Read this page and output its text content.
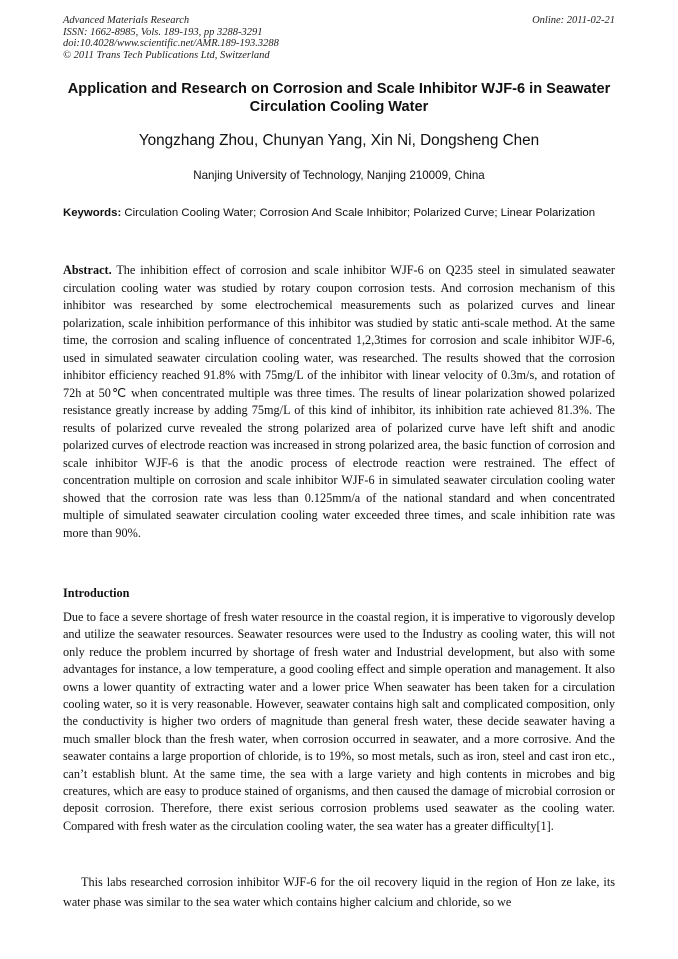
Advanced Materials Research
ISSN: 1662-8985, Vols. 189-193, pp 3288-3291
doi:10.4028/www.scientific.net/AMR.189-193.3288
© 2011 Trans Tech Publications Ltd, Switzerland
Online: 2011-02-21
Application and Research on Corrosion and Scale Inhibitor WJF-6 in Seawater Circulation Cooling Water
Yongzhang Zhou, Chunyan Yang, Xin Ni, Dongsheng Chen
Nanjing University of Technology, Nanjing 210009, China
Keywords: Circulation Cooling Water; Corrosion And Scale Inhibitor; Polarized Curve; Linear Polarization
Abstract. The inhibition effect of corrosion and scale inhibitor WJF-6 on Q235 steel in simulated seawater circulation cooling water was studied by rotary coupon corrosion tests. And corrosion mechanism of this inhibitor was researched by some electrochemical measurements such as polarized curves and linear polarization, scale inhibition performance of this inhibitor was studied by static anti-scale method. At the same time, the corrosion and scaling influence of concentrated 1,2,3times for corrosion and scale inhibitor WJF-6, used in simulated seawater circulation cooling water, was researched. The results showed that the corrosion inhibitor efficiency reached 91.8% with 75mg/L of the inhibitor with linear velocity of 0.3m/s, and rotation of 72h at 50℃ when concentrated multiple was three times. The results of linear polarization showed polarized resistance greatly increase by adding 75mg/L of this kind of inhibitor, its inhibition rate achieved 81.3%. The results of polarized curve revealed the strong polarized area of polarized curve have left shift and anodic polarized curves of electrode reaction was increased in strong polarized area, the basic function of corrosion and scale inhibitor WJF-6 is that the anodic process of electrode reaction were restrained. The effect of concentration multiple on corrosion and scale inhibitor WJF-6 in simulated seawater circulation cooling water showed that the corrosion rate was less than 0.125mm/a of the national standard and when concentrated multiple of simulated seawater circulation cooling water exceeded three times, and scale inhibition rate was more than 90%.
Introduction

Due to face a severe shortage of fresh water resource in the coastal region, it is imperative to vigorously develop and utilize the seawater resources. Seawater resources were used to the Industry as cooling water, this will not only reduce the problem incurred by shortage of fresh water and Industrial development, but also with some advantages for instance, a low temperature, a good cooling effect and simple operation and management. It also owns a lower quantity of extracting water and a lower price When seawater has been taken for a circulation cooling water, so it is very reasonable. However, seawater contains high salt and complicated composition, only the conductivity is higher two orders of magnitude than general fresh water, these decide seawater having a much smaller block than the fresh water, when corrosion occurred in seawater, and a more corrosive. And the seawater contains a large proportion of chloride, is to 19%, so most metals, such as iron, steel and cast iron etc., can’t establish blunt. At the same time, the sea with a large variety and high contents in microbes and big creatures, which are easy to produce stained of organisms, and then caused the damage of microbial corrosion or deposit corrosion. Therefore, there exist serious corrosion problems used seawater as the cooling water. Compared with fresh water as the circulation cooling water, the sea water has a greater difficulty[1].

This labs researched corrosion inhibitor WJF-6 for the oil recovery liquid in the region of Hon ze lake, its water phase was similar to the sea water which contains higher calcium and chloride, so we
